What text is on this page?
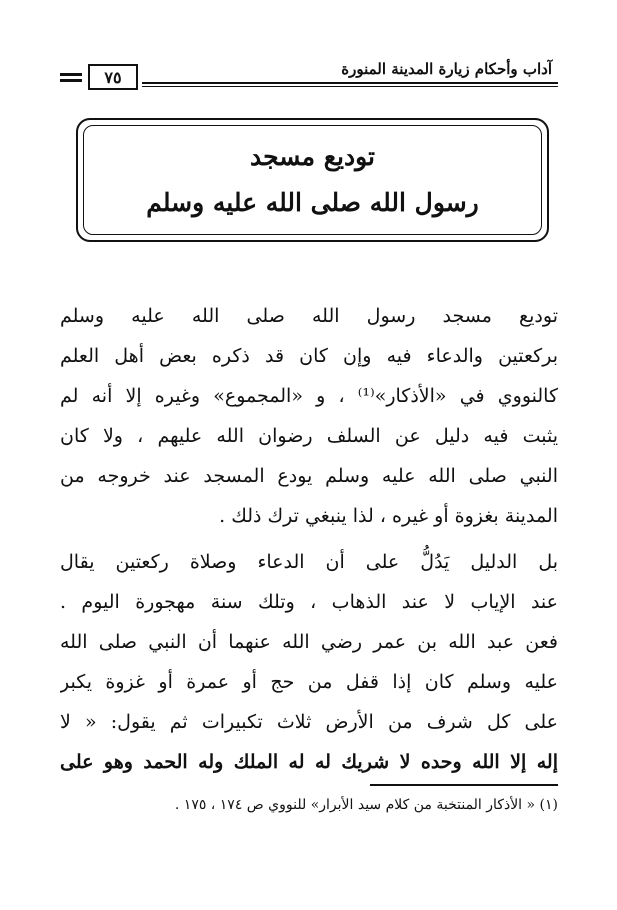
٧٥	آداب وأحكام زيارة المدينة المنورة
توديع مسجد
رسول الله صلى الله عليه وسلم
توديع مسجد رسول الله صلى الله عليه وسلم
بركعتين والدعاء فيه وإن كان قد ذكره بعض أهل العلم
كالنووي في «الأذكار»⁽¹⁾ ، و «المجموع» وغيره إلا أنه لم
يثبت فيه دليل عن السلف رضوان الله عليهم ، ولا كان
النبي صلى الله عليه وسلم يودع المسجد عند خروجه من
المدينة بغزوة أو غيره ، لذا ينبغي ترك ذلك .
بل الدليل يَدُلُّ على أن الدعاء وصلاة ركعتين يقال
عند الإياب لا عند الذهاب ، وتلك سنة مهجورة اليوم .
فعن عبد الله بن عمر رضي الله عنهما أن النبي صلى الله
عليه وسلم كان إذا قفل من حج أو عمرة أو غزوة يكبر
على كل شرف من الأرض ثلاث تكبيرات ثم يقول: « لا
إله إلا الله وحده لا شريك له له الملك وله الحمد وهو على
(١) « الأذكار المنتخبة من كلام سيد الأبرار» للنووي ص ١٧٤ ، ١٧٥ .
